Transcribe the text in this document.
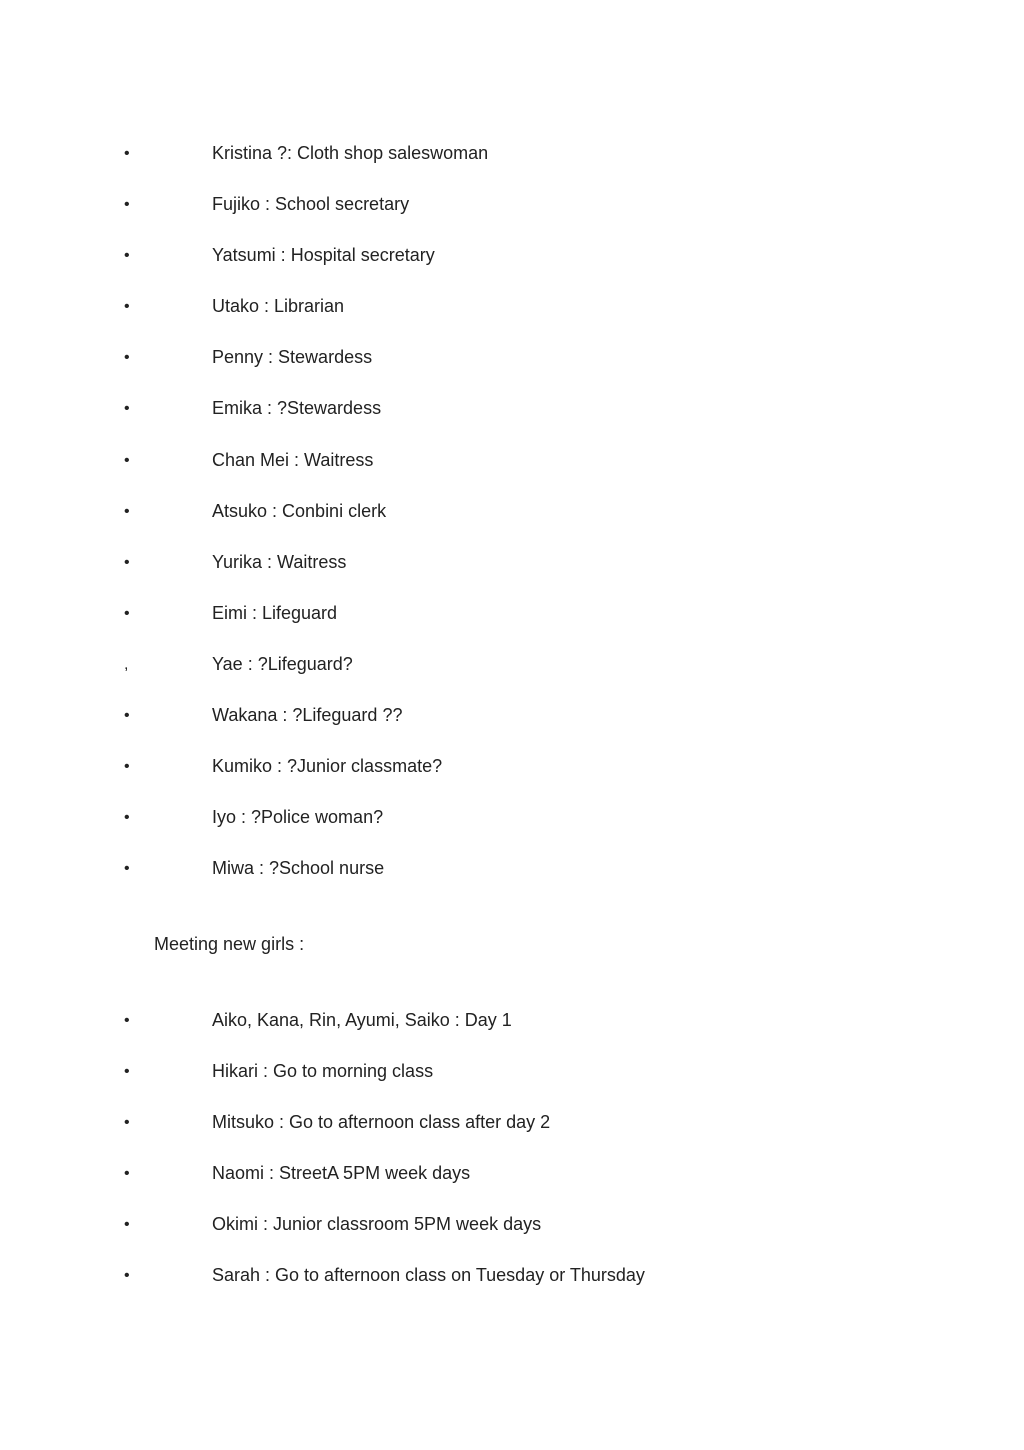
•	Kristina ?: Cloth shop saleswoman
•	Fujiko : School secretary
•	Yatsumi : Hospital secretary
•	Utako : Librarian
•	Penny : Stewardess
•	Emika : ?Stewardess
•	Chan Mei : Waitress
•	Atsuko : Conbini clerk
•	Yurika : Waitress
•	Eimi : Lifeguard
,	Yae : ?Lifeguard?
•	Wakana : ?Lifeguard ??
•	Kumiko : ?Junior classmate?
•	Iyo : ?Police woman?
•	Miwa : ?School nurse
Meeting new girls :
•	Aiko, Kana, Rin, Ayumi, Saiko : Day 1
•	Hikari : Go to morning class
•	Mitsuko : Go to afternoon class after day 2
•	Naomi : StreetA 5PM week days
•	Okimi : Junior classroom 5PM week days
•	Sarah : Go to afternoon class on Tuesday or Thursday
